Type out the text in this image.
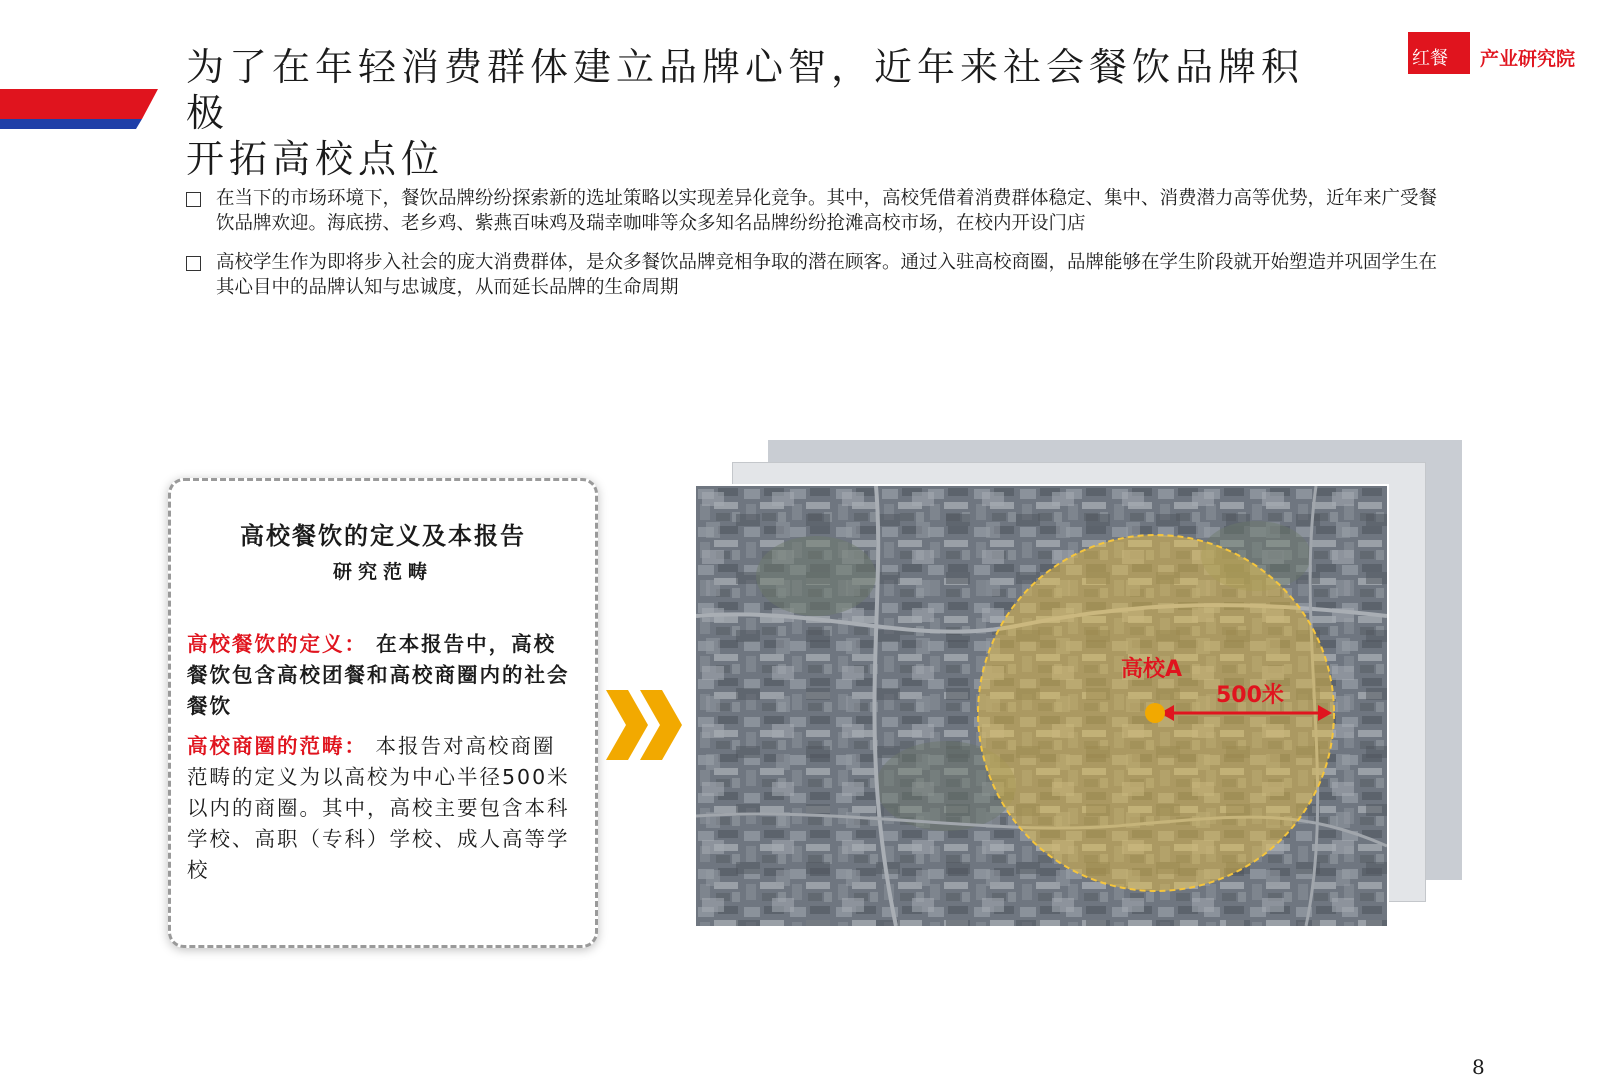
为了在年轻消费群体建立品牌心智，近年来社会餐饮品牌积极
开拓高校点位
红餐 产业研究院
在当下的市场环境下，餐饮品牌纷纷探索新的选址策略以实现差异化竞争。其中，高校凭借着消费群体稳定、集中、消费潜力高等优势，近年来广受餐饮品牌欢迎。海底捞、老乡鸡、紫燕百味鸡及瑞幸咖啡等众多知名品牌纷纷抢滩高校市场，在校内开设门店
高校学生作为即将步入社会的庞大消费群体，是众多餐饮品牌竞相争取的潜在顾客。通过入驻高校商圈，品牌能够在学生阶段就开始塑造并巩固学生在其心目中的品牌认知与忠诚度，从而延长品牌的生命周期
高校餐饮的定义及本报告
研究范畴
高校餐饮的定义： 在本报告中，高校餐饮包含高校团餐和高校商圈内的社会餐饮
高校商圈的范畴： 本报告对高校商圈范畴的定义为以高校为中心半径500米以内的商圈。其中，高校主要包含本科学校、高职（专科）学校、成人高等学校
高校A
500米
8
